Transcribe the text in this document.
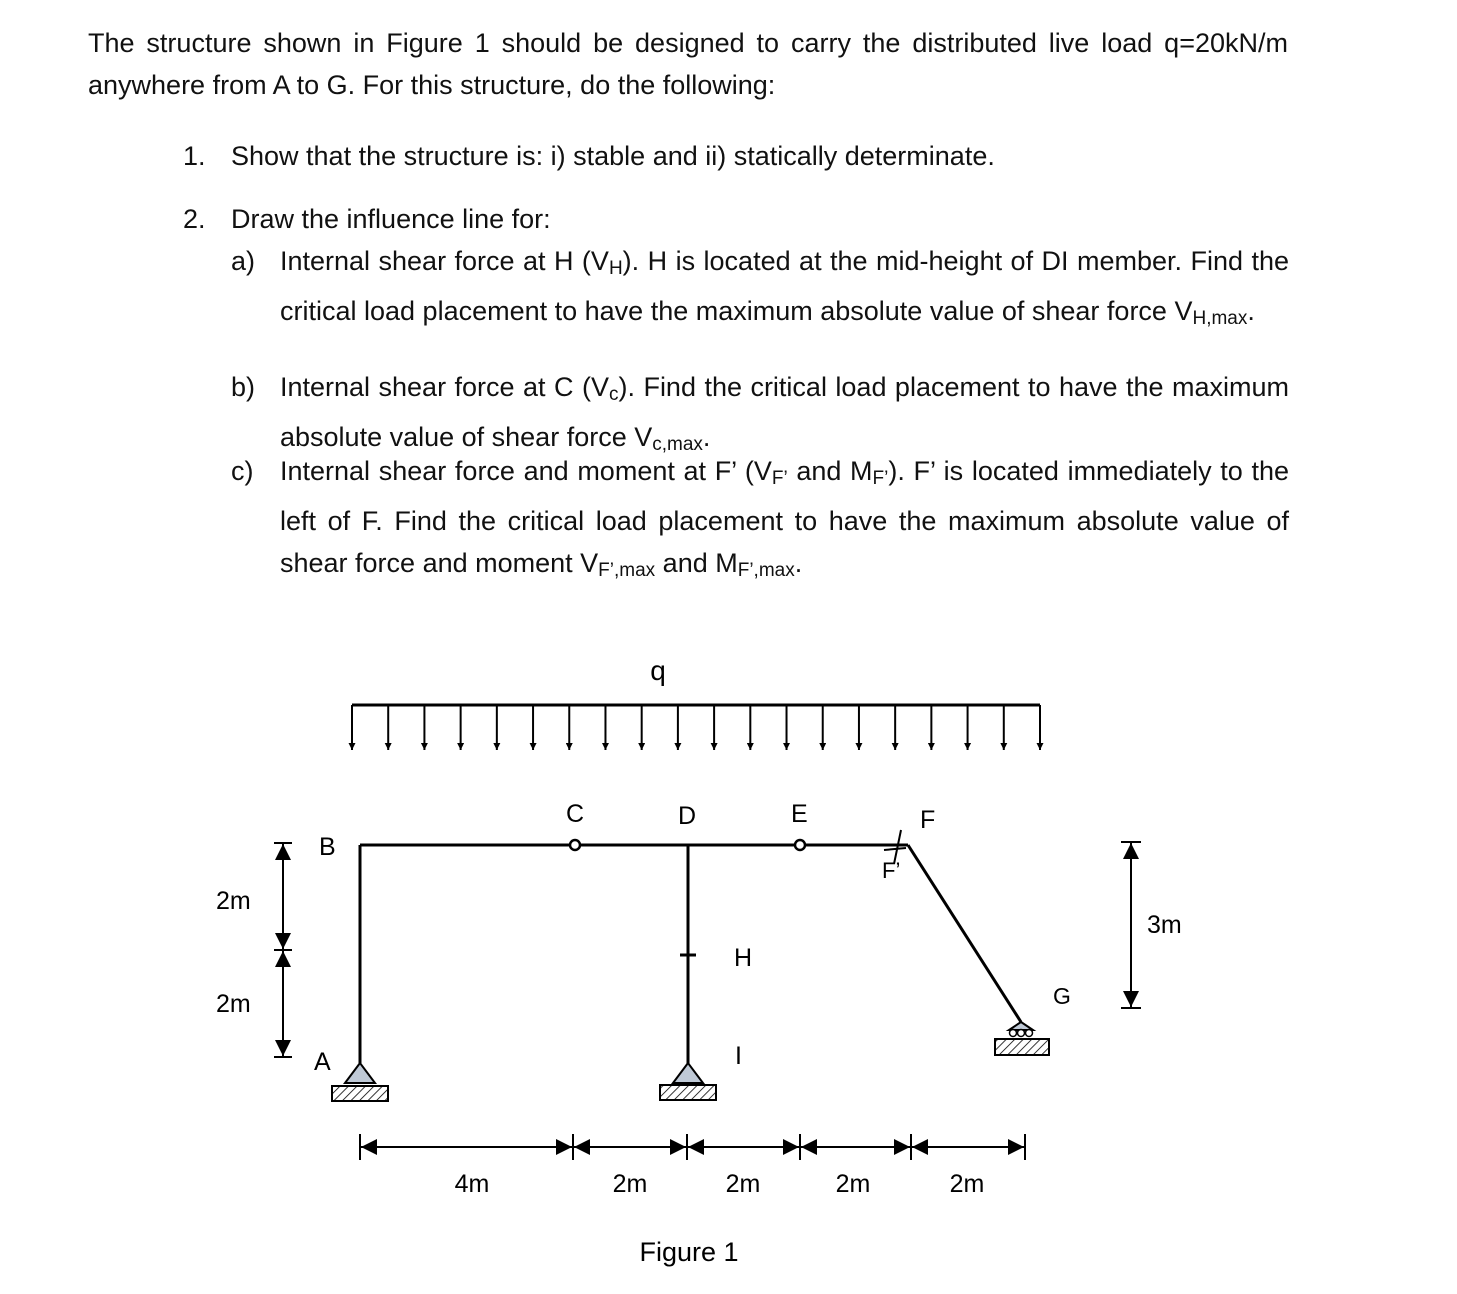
The structure shown in Figure 1 should be designed to carry the distributed live load q=20kN/m anywhere from A to G. For this structure, do the following:
1. Show that the structure is: i) stable and ii) statically determinate.
2. Draw the influence line for:
a) Internal shear force at H (VH). H is located at the mid-height of DI member. Find the critical load placement to have the maximum absolute value of shear force VH,max.
b) Internal shear force at C (Vc). Find the critical load placement to have the maximum absolute value of shear force Vc,max.
c) Internal shear force and moment at F’ (VF’ and MF’). F’ is located immediately to the left of F. Find the critical load placement to have the maximum absolute value of shear force and moment VF’,max and MF’,max.
q
A
B
C	D	E	F
F’
G
H
I
2m
2m
3m
4m	2m	2m	2m	2m
Figure 1
